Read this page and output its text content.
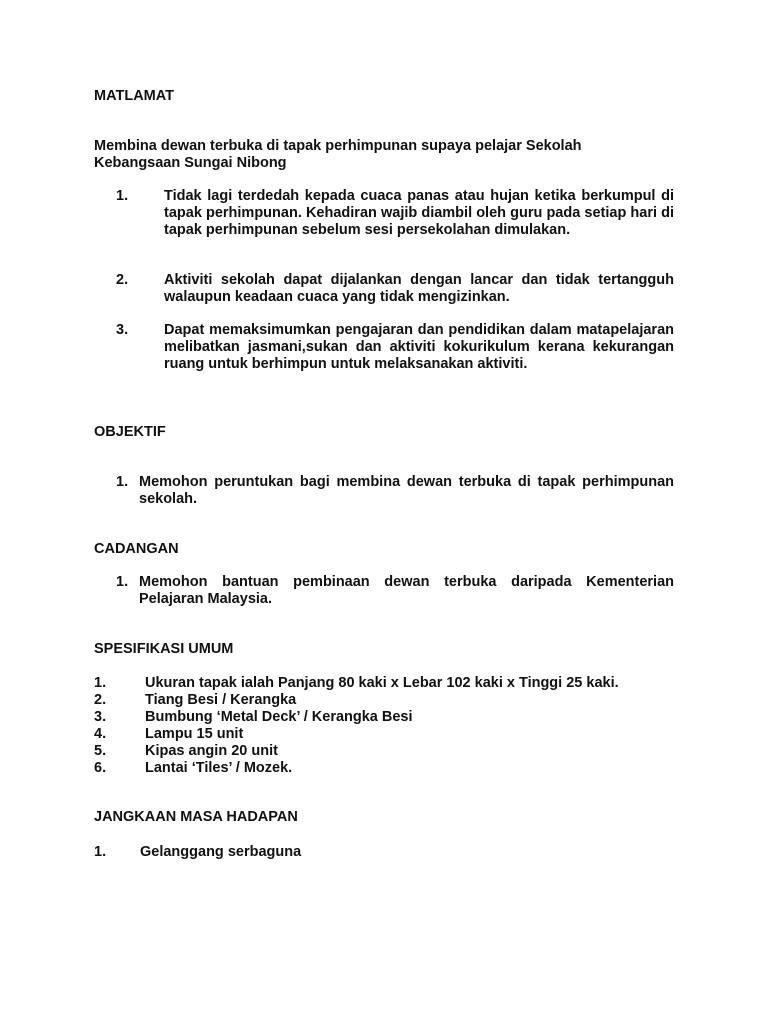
MATLAMAT

Membina dewan terbuka di tapak perhimpunan supaya pelajar Sekolah
Kebangsaan Sungai Nibong

1. Tidak lagi terdedah kepada cuaca panas atau hujan ketika berkumpul di tapak perhimpunan. Kehadiran wajib diambil oleh guru pada setiap hari di tapak perhimpunan sebelum sesi persekolahan dimulakan.
2. Aktiviti sekolah dapat dijalankan dengan lancar dan tidak tertangguh walaupun keadaan cuaca yang tidak mengizinkan.
3. Dapat memaksimumkan pengajaran dan pendidikan dalam matapelajaran melibatkan jasmani,sukan dan aktiviti kokurikulum kerana kekurangan ruang untuk berhimpun untuk melaksanakan aktiviti.
OBJEKTIF
1. Memohon peruntukan bagi membina dewan terbuka di tapak perhimpunan sekolah.
CADANGAN
1. Memohon bantuan pembinaan dewan terbuka daripada Kementerian Pelajaran Malaysia.
SPESIFIKASI UMUM
1.	Ukuran tapak ialah Panjang 80 kaki x Lebar 102 kaki x Tinggi 25 kaki.
2.	Tiang Besi / Kerangka
3.	Bumbung ‘Metal Deck’ / Kerangka Besi
4.	Lampu 15 unit
5.	Kipas angin 20 unit
6.	Lantai ‘Tiles’ / Mozek.
JANGKAAN MASA HADAPAN
1. Gelanggang serbaguna
